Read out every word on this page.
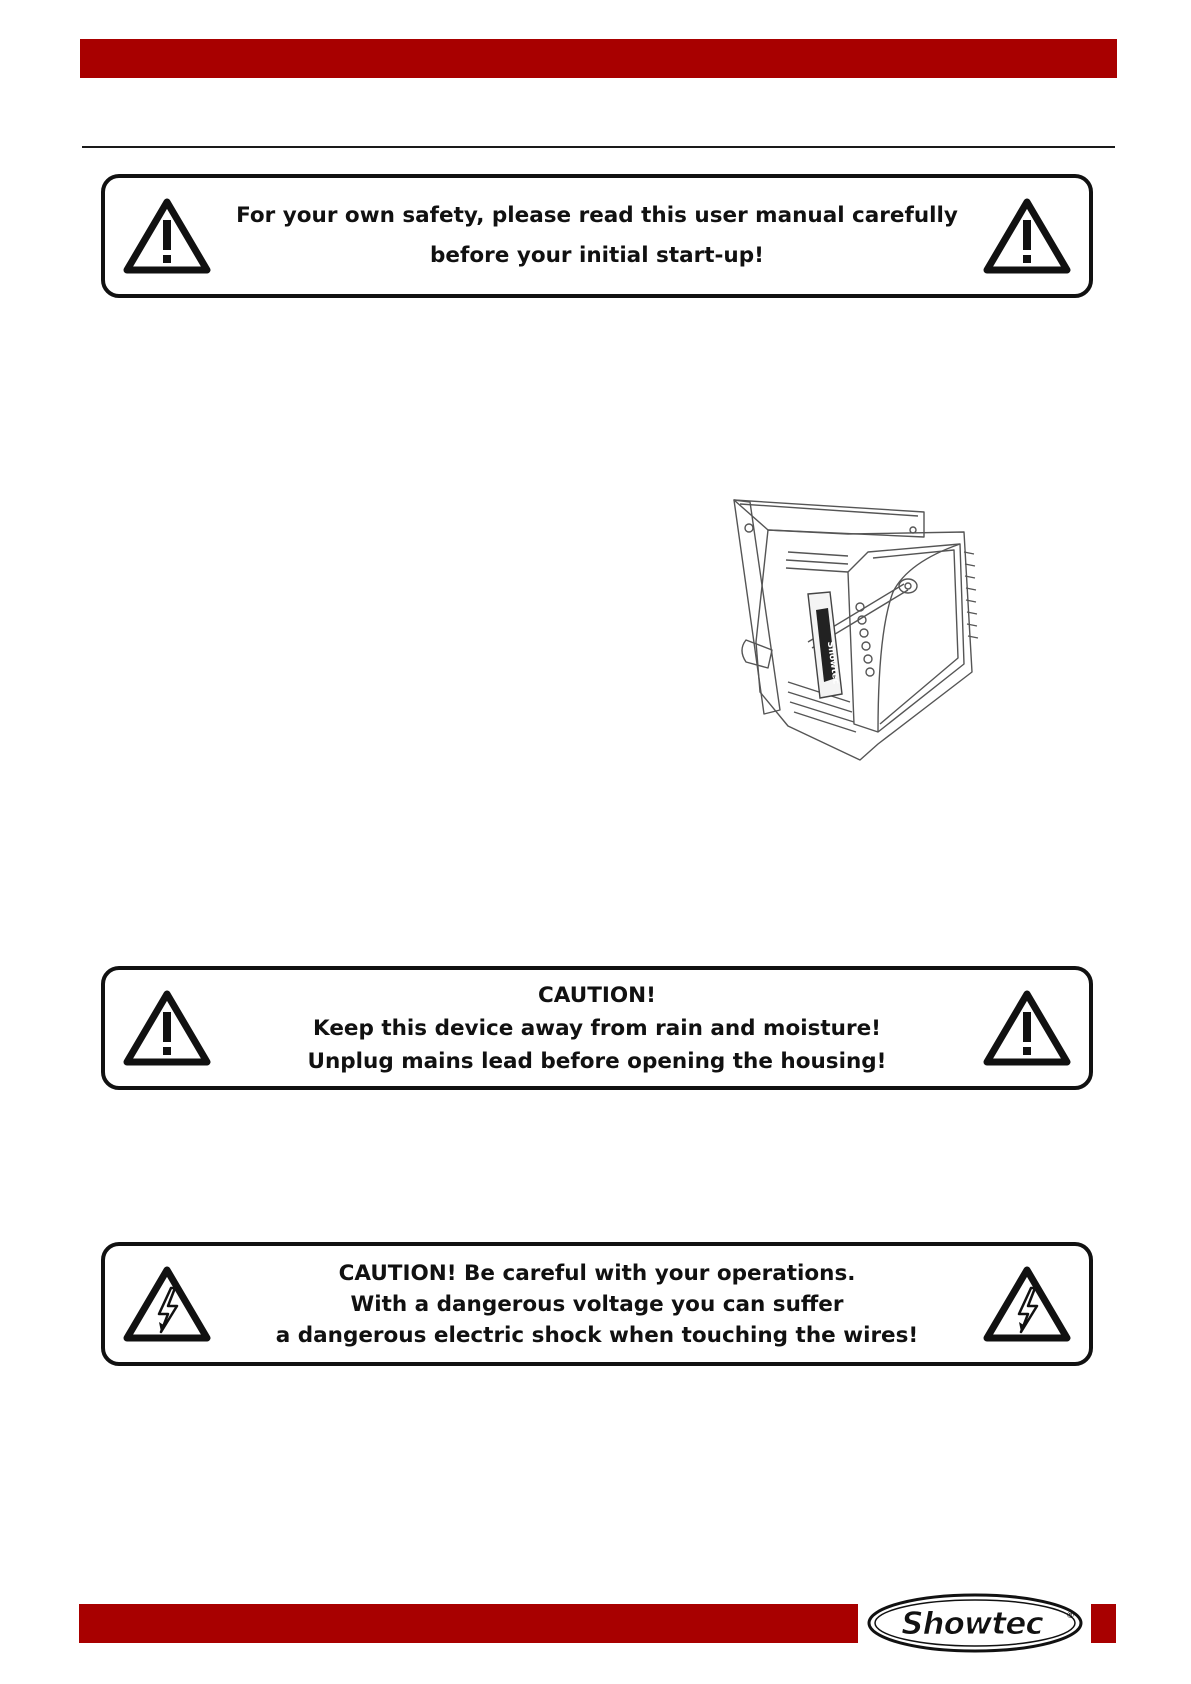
For your own safety, please read this user manual carefully
before your initial start-up!
Showtec
CAUTION!
Keep this device away from rain and moisture!
Unplug mains lead before opening the housing!
CAUTION! Be careful with your operations.
With a dangerous voltage you can suffer
a dangerous electric shock when touching the wires!
Showtec	®
